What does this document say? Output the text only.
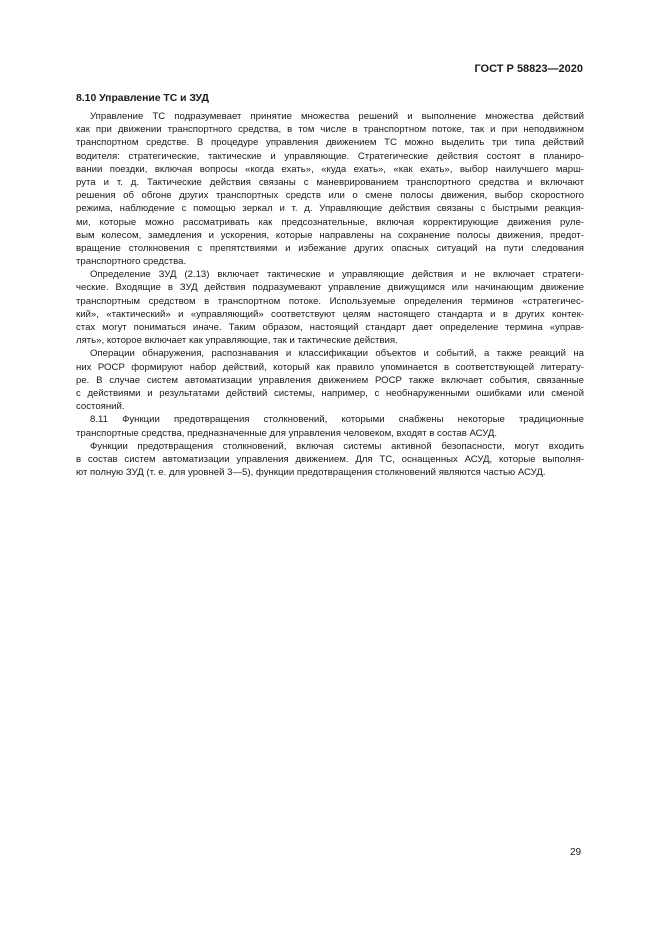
ГОСТ Р 58823—2020
8.10 Управление ТС и ЗУД
Управление ТС подразумевает принятие множества решений и выполнение множества действий
как при движении транспортного средства, в том числе в транспортном потоке, так и при неподвижном
транспортном средстве. В процедуре управления движением ТС можно выделить три типа действий
водителя: стратегические, тактические и управляющие. Стратегические действия состоят в планиро-
вании поездки, включая вопросы «когда ехать», «куда ехать», «как ехать», выбор наилучшего марш-
рута и т. д. Тактические действия связаны с маневрированием транспортного средства и включают
решения об обгоне других транспортных средств или о смене полосы движения, выбор скоростного
режима, наблюдение с помощью зеркал и т. д. Управляющие действия связаны с быстрыми реакция-
ми, которые можно рассматривать как предсознательные, включая корректирующие движения руле-
вым колесом, замедления и ускорения, которые направлены на сохранение полосы движения, предот-
вращение столкновения с препятствиями и избежание других опасных ситуаций на пути следования
транспортного средства.
Определение ЗУД (2.13) включает тактические и управляющие действия и не включает стратеги-
ческие. Входящие в ЗУД действия подразумевают управление движущимся или начинающим движение
транспортным средством в транспортном потоке. Используемые определения терминов «стратегичес-
кий», «тактический» и «управляющий» соответствуют целям настоящего стандарта и в других контек-
стах могут пониматься иначе. Таким образом, настоящий стандарт дает определение термина «управ-
лять», которое включает как управляющие, так и тактические действия.
Операции обнаружения, распознавания и классификации объектов и событий, а также реакций на
них РОСР формируют набор действий, который как правило упоминается в соответствующей литерату-
ре. В случае систем автоматизации управления движением РОСР также включает события, связанные
с действиями и результатами действий системы, например, с необнаруженными ошибками или сменой
состояний.
8.11 Функции предотвращения столкновений, которыми снабжены некоторые традиционные
транспортные средства, предназначенные для управления человеком, входят в состав АСУД.
Функции предотвращения столкновений, включая системы активной безопасности, могут входить
в состав систем автоматизации управления движением. Для ТС, оснащенных АСУД, которые выполня-
ют полную ЗУД (т. е. для уровней 3—5), функции предотвращения столкновений являются частью АСУД.
29
